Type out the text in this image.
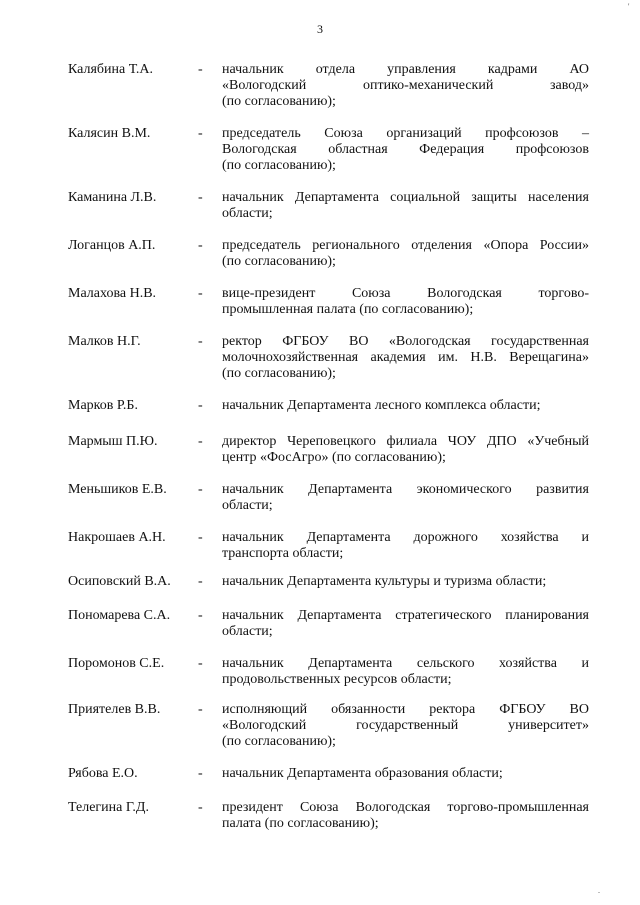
3
Калябина Т.А.	- начальник отдела управления кадрами АО
«Вологодский оптико-механический завод»
(по согласованию);
Калясин В.М.	- председатель Союза организаций профсоюзов –
Вологодская областная Федерация профсоюзов
(по согласованию);
Каманина Л.В.	- начальник Департамента социальной защиты населения
области;
Логанцов А.П.	- председатель регионального отделения «Опора России»
(по согласованию);
Малахова Н.В.	- вице-президент Союза Вологодская торгово-
промышленная палата (по согласованию);
Малков Н.Г.	- ректор ФГБОУ ВО «Вологодская государственная
молочнохозяйственная академия им. Н.В. Верещагина»
(по согласованию);
Марков Р.Б.	- начальник Департамента лесного комплекса области;
Мармыш П.Ю.	- директор Череповецкого филиала ЧОУ ДПО «Учебный
центр «ФосАгро» (по согласованию);
Меньшиков Е.В. - начальник Департамента экономического развития
области;
Накрошаев А.Н. - начальник Департамента дорожного хозяйства и
транспорта области;
Осиповский В.А. - начальник Департамента культуры и туризма области;
Пономарева С.А. - начальник Департамента стратегического планирования
области;
Поромонов С.Е. - начальник Департамента сельского хозяйства и
продовольственных ресурсов области;
Приятелев В.В.	- исполняющий обязанности ректора ФГБОУ ВО
«Вологодский государственный университет»
(по согласованию);
Рябова Е.О.	- начальник Департамента образования области;
Телегина Г.Д.	- президент Союза Вологодская торгово-промышленная
палата (по согласованию);
'
.
